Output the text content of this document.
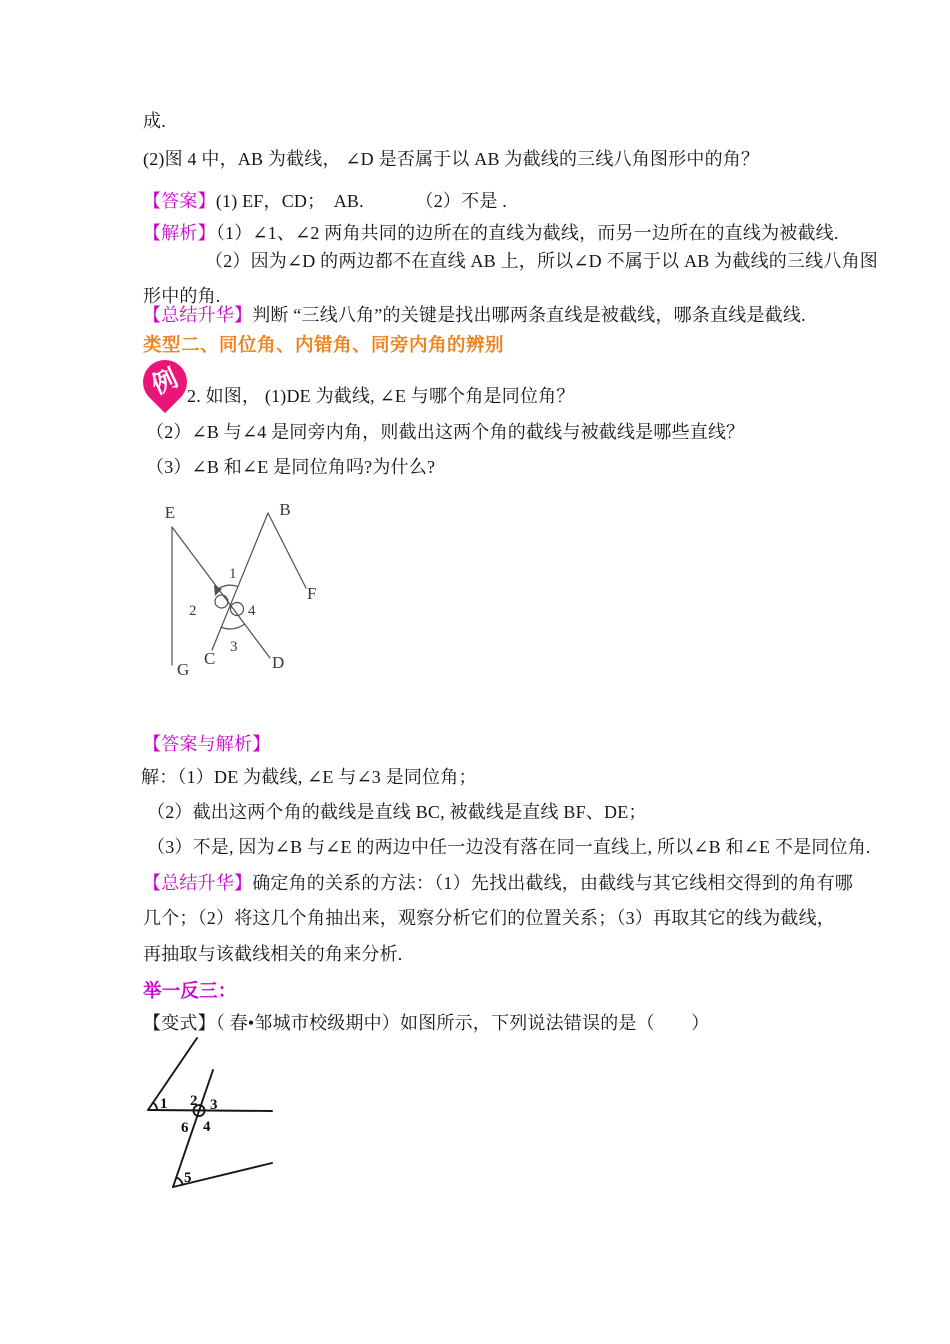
成.
(2)图 4 中，AB 为截线， ∠D 是否属于以 AB 为截线的三线八角图形中的角？
【答案】(1) EF，CD；  AB.           （2）不是 .
【解析】（1）∠1、∠2 两角共同的边所在的直线为截线，而另一边所在的直线为被截线.
（2）因为∠D 的两边都不在直线 AB 上，所以∠D 不属于以 AB 为截线的三线八角图
形中的角.
【总结升华】判断 “三线八角”的关键是找出哪两条直线是被截线，哪条直线是截线.
类型二、同位角、内错角、同旁内角的辨别
例 2. 如图， (1)DE 为截线, ∠E 与哪个角是同位角？
（2）∠B 与∠4 是同旁内角，则截出这两个角的截线与被截线是哪些直线？
（3）∠B 和∠E 是同位角吗?为什么?
E	B
F
G
C	D
1
2	4
3
【答案与解析】
解：（1）DE 为截线, ∠E 与∠3 是同位角；
（2）截出这两个角的截线是直线 BC, 被截线是直线 BF、DE；
（3）不是, 因为∠B 与∠E 的两边中任一边没有落在同一直线上, 所以∠B 和∠E 不是同位角.
【总结升华】确定角的关系的方法：（1）先找出截线，由截线与其它线相交得到的角有哪
几个；（2）将这几个角抽出来，观察分析它们的位置关系；（3）再取其它的线为截线，
再抽取与该截线相关的角来分析.
举一反三：
【变式】（ 春•邹城市校级期中）如图所示，下列说法错误的是（　　）
1 2 3
6 4
5
